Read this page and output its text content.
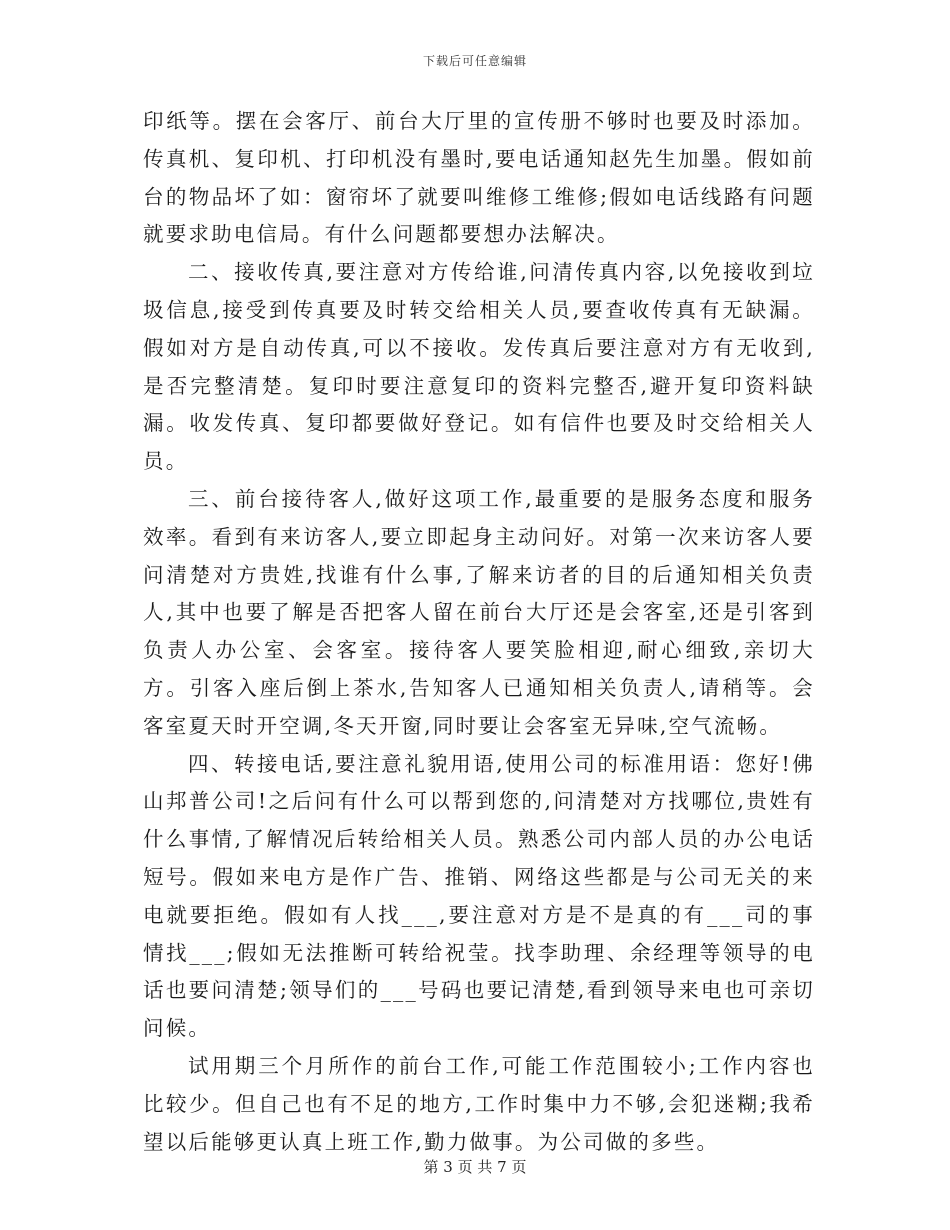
下载后可任意编辑

印纸等。摆在会客厅、前台大厅里的宣传册不够时也要及时添加。传真机、复印机、打印机没有墨时,要电话通知赵先生加墨。假如前台的物品坏了如：窗帘坏了就要叫维修工维修;假如电话线路有问题就要求助电信局。有什么问题都要想办法解决。

二、接收传真,要注意对方传给谁,问清传真内容,以免接收到垃圾信息,接受到传真要及时转交给相关人员,要查收传真有无缺漏。假如对方是自动传真,可以不接收。发传真后要注意对方有无收到,是否完整清楚。复印时要注意复印的资料完整否,避开复印资料缺漏。收发传真、复印都要做好登记。如有信件也要及时交给相关人员。

三、前台接待客人,做好这项工作,最重要的是服务态度和服务效率。看到有来访客人,要立即起身主动问好。对第一次来访客人要问清楚对方贵姓,找谁有什么事,了解来访者的目的后通知相关负责人,其中也要了解是否把客人留在前台大厅还是会客室,还是引客到负责人办公室、会客室。接待客人要笑脸相迎,耐心细致,亲切大方。引客入座后倒上茶水,告知客人已通知相关负责人,请稍等。会客室夏天时开空调,冬天开窗,同时要让会客室无异味,空气流畅。

四、转接电话,要注意礼貌用语,使用公司的标准用语：您好!佛山邦普公司!之后问有什么可以帮到您的,问清楚对方找哪位,贵姓有什么事情,了解情况后转给相关人员。熟悉公司内部人员的办公电话短号。假如来电方是作广告、推销、网络这些都是与公司无关的来电就要拒绝。假如有人找___,要注意对方是不是真的有___司的事情找___;假如无法推断可转给祝莹。找李助理、余经理等领导的电话也要问清楚;领导们的___号码也要记清楚,看到领导来电也可亲切问候。

试用期三个月所作的前台工作,可能工作范围较小;工作内容也比较少。但自己也有不足的地方,工作时集中力不够,会犯迷糊;我希望以后能够更认真上班工作,勤力做事。为公司做的多些。

第 3 页 共 7 页
